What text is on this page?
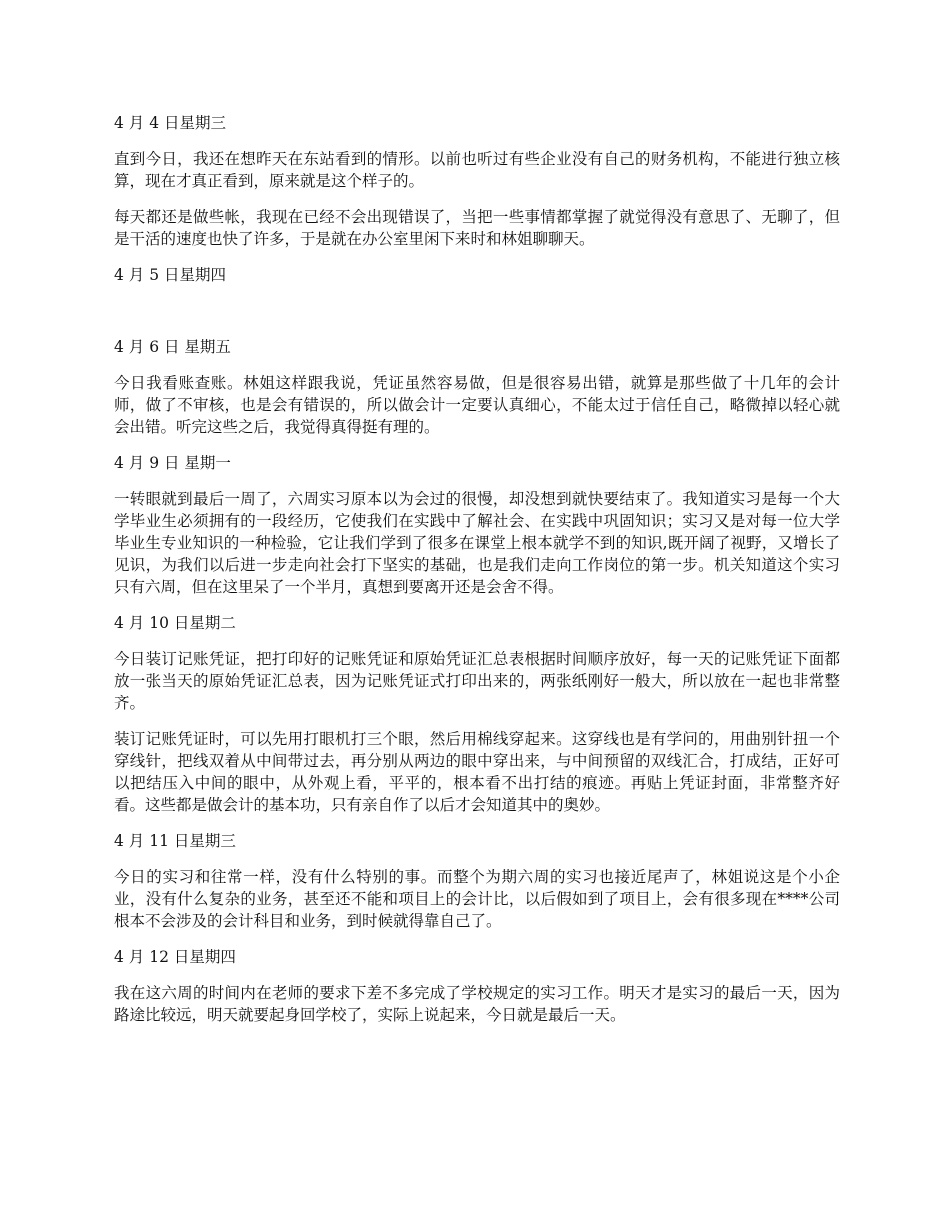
4 月 4 日星期三
直到今日，我还在想昨天在东站看到的情形。以前也听过有些企业没有自己的财务机构，不能进行独立核算，现在才真正看到，原来就是这个样子的。
每天都还是做些帐，我现在已经不会出现错误了，当把一些事情都掌握了就觉得没有意思了、无聊了，但是干活的速度也快了许多，于是就在办公室里闲下来时和林姐聊聊天。
4 月 5 日星期四
4 月 6 日 星期五
今日我看账查账。林姐这样跟我说，凭证虽然容易做，但是很容易出错，就算是那些做了十几年的会计师，做了不审核，也是会有错误的，所以做会计一定要认真细心，不能太过于信任自己，略微掉以轻心就会出错。听完这些之后，我觉得真得挺有理的。
4 月 9 日 星期一
一转眼就到最后一周了，六周实习原本以为会过的很慢，却没想到就快要结束了。我知道实习是每一个大学毕业生必须拥有的一段经历，它使我们在实践中了解社会、在实践中巩固知识；实习又是对每一位大学毕业生专业知识的一种检验，它让我们学到了很多在课堂上根本就学不到的知识,既开阔了视野，又增长了见识，为我们以后进一步走向社会打下坚实的基础，也是我们走向工作岗位的第一步。机关知道这个实习只有六周，但在这里呆了一个半月，真想到要离开还是会舍不得。
4 月 10 日星期二
今日装订记账凭证，把打印好的记账凭证和原始凭证汇总表根据时间顺序放好，每一天的记账凭证下面都放一张当天的原始凭证汇总表，因为记账凭证式打印出来的，两张纸刚好一般大，所以放在一起也非常整齐。
装订记账凭证时，可以先用打眼机打三个眼，然后用棉线穿起来。这穿线也是有学问的，用曲别针扭一个穿线针，把线双着从中间带过去，再分别从两边的眼中穿出来，与中间预留的双线汇合，打成结，正好可以把结压入中间的眼中，从外观上看，平平的，根本看不出打结的痕迹。再贴上凭证封面，非常整齐好看。这些都是做会计的基本功，只有亲自作了以后才会知道其中的奥妙。
4 月 11 日星期三
今日的实习和往常一样，没有什么特别的事。而整个为期六周的实习也接近尾声了，林姐说这是个小企业，没有什么复杂的业务，甚至还不能和项目上的会计比，以后假如到了项目上，会有很多现在****公司根本不会涉及的会计科目和业务，到时候就得靠自己了。
4 月 12 日星期四
我在这六周的时间内在老师的要求下差不多完成了学校规定的实习工作。明天才是实习的最后一天，因为路途比较远，明天就要起身回学校了，实际上说起来，今日就是最后一天。
